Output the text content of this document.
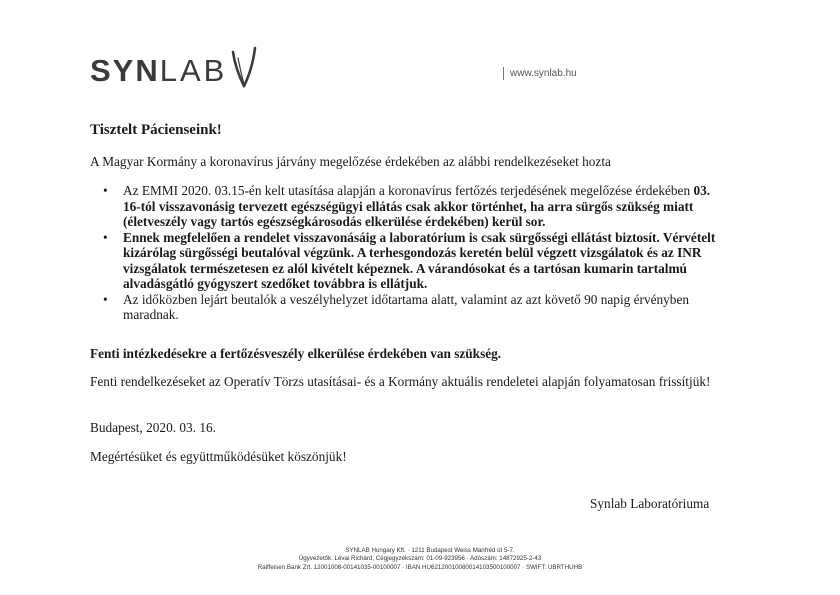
SYNLAB	www.synlab.hu
Tisztelt Pácienseink!
A Magyar Kormány a koronavírus járvány megelőzése érdekében az alábbi rendelkezéseket hozta
• Az EMMI 2020. 03.15-én kelt utasítása alapján a koronavírus fertőzés terjedésének megelőzése érdekében 03. 16-tól visszavonásig tervezett egészségügyi ellátás csak akkor történhet, ha arra sürgős szükség miatt (életveszély vagy tartós egészségkárosodás elkerülése érdekében) kerül sor.
• Ennek megfelelően a rendelet visszavonásáig a laboratórium is csak sürgősségi ellátást biztosít. Vérvételt kizárólag sürgősségi beutalóval végzünk. A terhesgondozás keretén belül végzett vizsgálatok és az INR vizsgálatok természetesen ez alól kivételt képeznek. A várandósokat és a tartósan kumarin tartalmú alvadásgátló gyógyszert szedőket továbbra is ellátjuk.
• Az időközben lejárt beutalók a veszélyhelyzet időtartama alatt, valamint az azt követő 90 napig érvényben maradnak.
Fenti intézkedésekre a fertőzésveszély elkerülése érdekében van szükség.
Fenti rendelkezéseket az Operatív Törzs utasításai- és a Kormány aktuális rendeletei alapján folyamatosan frissítjük!
Budapest, 2020. 03. 16.
Megértésüket és együttműködésüket köszönjük!
Synlab Laboratóriuma
SYNLAB Hungary Kft. · 1211 Budapest Weiss Manfréd út 5-7.
Ügyvezetők: Lévai Richárd, Cégjegyzékszám: 01-09-923956 · Adószám: 14872925-2-43
Raiffeisen Bank Zrt. 12001008-00141035-00100007 · IBAN HU62120010080014103500100007 · SWIFT: UBRTHUHB
